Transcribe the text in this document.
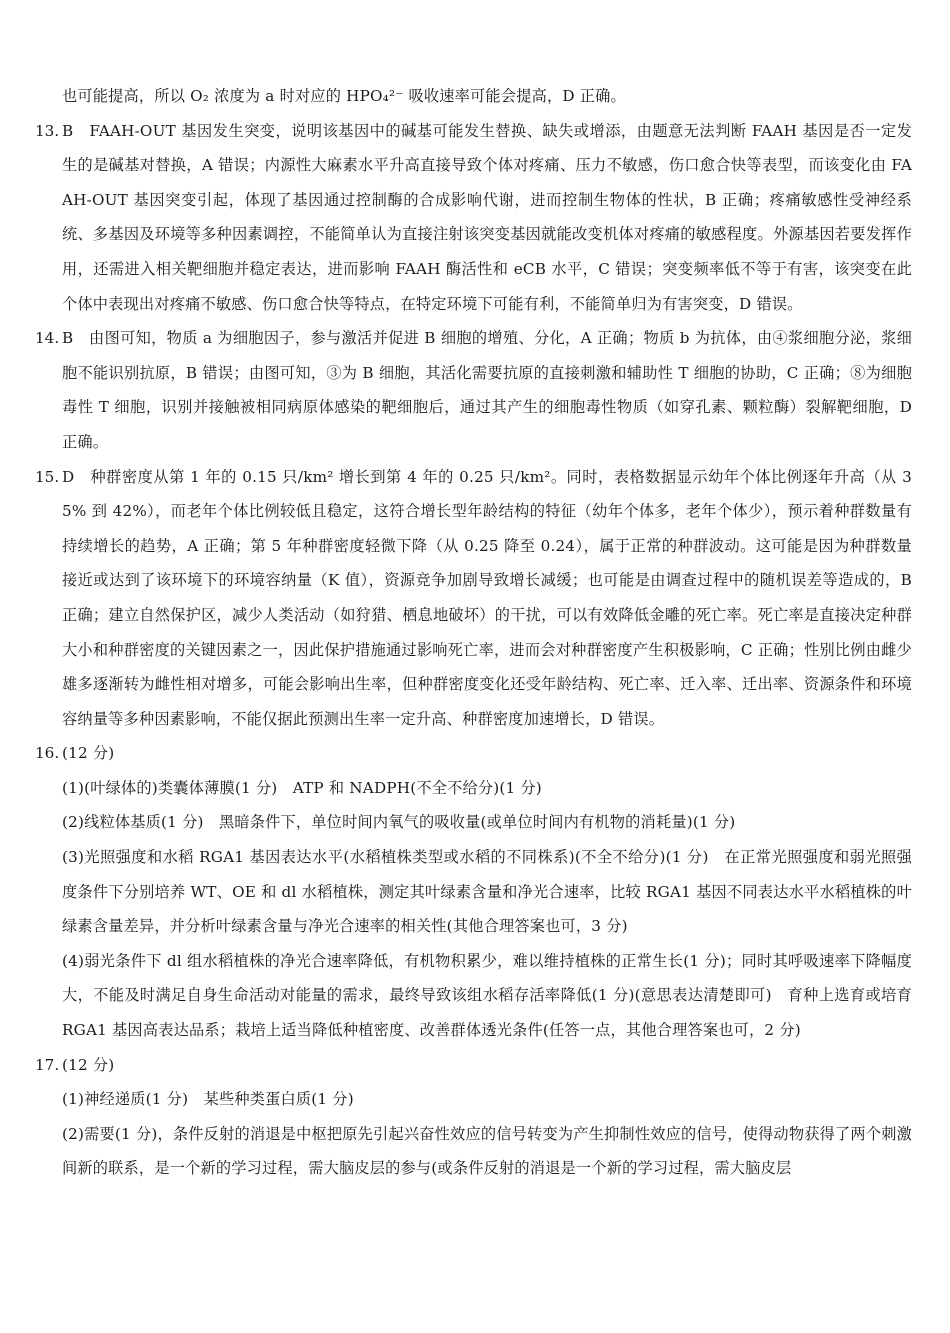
也可能提高，所以 O₂ 浓度为 a 时对应的 HPO₄²⁻ 吸收速率可能会提高，D 正确。

13. B　 FAAH-OUT 基因发生突变，说明该基因中的碱基可能发生替换、缺失或增添，由题意无法判断 FAAH 基因是否一定发生的是碱基对替换，A 错误；内源性大麻素水平升高直接导致个体对疼痛、压力不敏感，伤口愈合快等表型，而该变化由 FAAH-OUT 基因突变引起，体现了基因通过控制酶的合成影响代谢，进而控制生物体的性状，B 正确；疼痛敏感性受神经系统、多基因及环境等多种因素调控，不能简单认为直接注射该突变基因就能改变机体对疼痛的敏感程度。外源基因若要发挥作用，还需进入相关靶细胞并稳定表达，进而影响 FAAH 酶活性和 eCB 水平，C 错误；突变频率低不等于有害，该突变在此个体中表现出对疼痛不敏感、伤口愈合快等特点，在特定环境下可能有利，不能简单归为有害突变，D 错误。

14. B　 由图可知，物质 a 为细胞因子，参与激活并促进 B 细胞的增殖、分化，A 正确；物质 b 为抗体，由④浆细胞分泌，浆细胞不能识别抗原，B 错误；由图可知，③为 B 细胞，其活化需要抗原的直接刺激和辅助性 T 细胞的协助，C 正确；⑧为细胞毒性 T 细胞，识别并接触被相同病原体感染的靶细胞后，通过其产生的细胞毒性物质（如穿孔素、颗粒酶）裂解靶细胞，D 正确。

15. D　 种群密度从第 1 年的 0.15 只/km² 增长到第 4 年的 0.25 只/km²。同时，表格数据显示幼年个体比例逐年升高（从 35% 到 42%），而老年个体比例较低且稳定，这符合增长型年龄结构的特征（幼年个体多，老年个体少），预示着种群数量有持续增长的趋势，A 正确；第 5 年种群密度轻微下降（从 0.25 降至 0.24），属于正常的种群波动。这可能是因为种群数量接近或达到了该环境下的环境容纳量（K 值），资源竞争加剧导致增长减缓；也可能是由调查过程中的随机误差等造成的，B 正确；建立自然保护区，减少人类活动（如狩猎、栖息地破坏）的干扰，可以有效降低金雕的死亡率。死亡率是直接决定种群大小和种群密度的关键因素之一，因此保护措施通过影响死亡率，进而会对种群密度产生积极影响，C 正确；性别比例由雌少雄多逐渐转为雌性相对增多，可能会影响出生率，但种群密度变化还受年龄结构、死亡率、迁入率、迁出率、资源条件和环境容纳量等多种因素影响，不能仅据此预测出生率一定升高、种群密度加速增长，D 错误。

16. (12 分)

(1)(叶绿体的)类囊体薄膜(1 分)　ATP 和 NADPH(不全不给分)(1 分)

(2)线粒体基质(1 分)　黑暗条件下，单位时间内氧气的吸收量(或单位时间内有机物的消耗量)(1 分)

(3)光照强度和水稻 RGA1 基因表达水平(水稻植株类型或水稻的不同株系)(不全不给分)(1 分)　在正常光照强度和弱光照强度条件下分别培养 WT、OE 和 dl 水稻植株，测定其叶绿素含量和净光合速率，比较 RGA1 基因不同表达水平水稻植株的叶绿素含量差异，并分析叶绿素含量与净光合速率的相关性(其他合理答案也可，3 分)

(4)弱光条件下 dl 组水稻植株的净光合速率降低，有机物积累少，难以维持植株的正常生长(1 分)；同时其呼吸速率下降幅度大，不能及时满足自身生命活动对能量的需求，最终导致该组水稻存活率降低(1 分)(意思表达清楚即可)　育种上选育或培育 RGA1 基因高表达品系；栽培上适当降低种植密度、改善群体透光条件(任答一点，其他合理答案也可，2 分)

17. (12 分)

(1)神经递质(1 分)　某些种类蛋白质(1 分)

(2)需要(1 分)，条件反射的消退是中枢把原先引起兴奋性效应的信号转变为产生抑制性效应的信号，使得动物获得了两个刺激间新的联系，是一个新的学习过程，需大脑皮层的参与(或条件反射的消退是一个新的学习过程，需大脑皮层
